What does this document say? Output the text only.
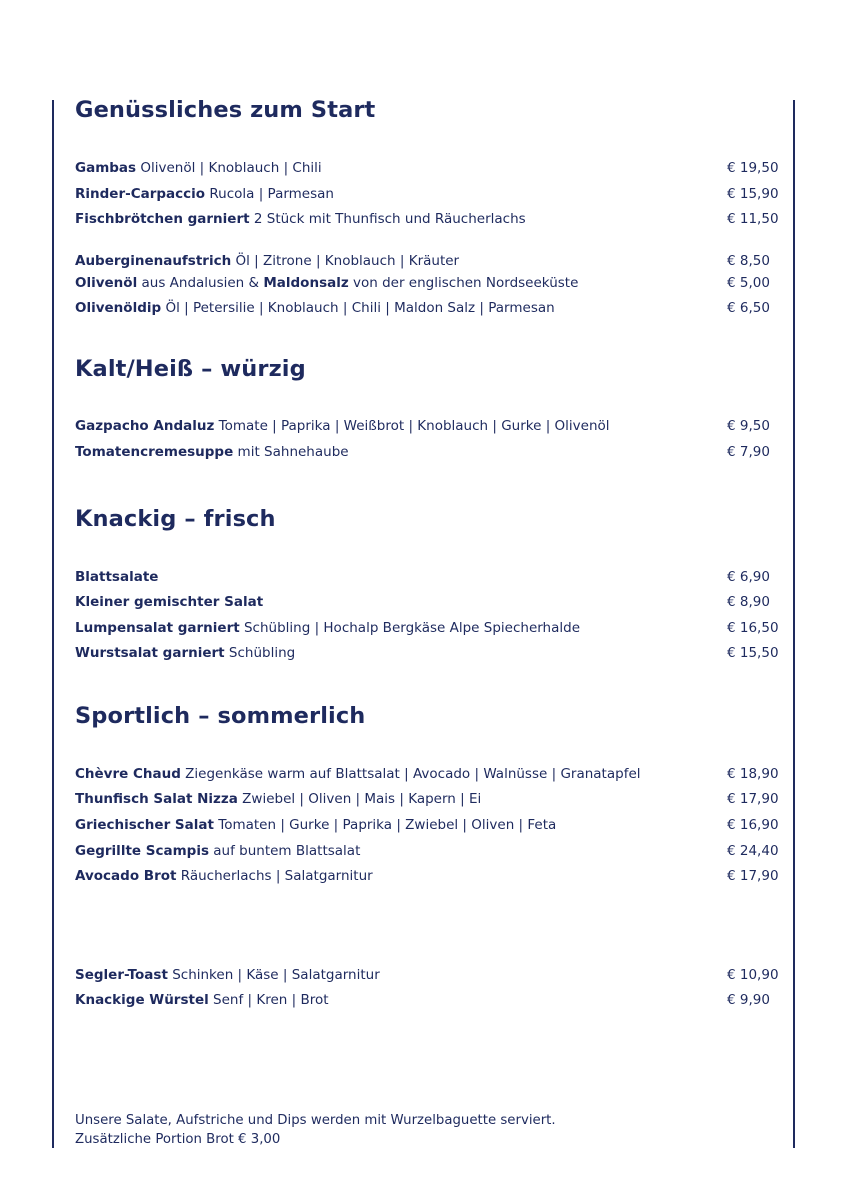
Genüssliches zum Start
Gambas Olivenöl | Knoblauch | Chili	€ 19,50
Rinder-Carpaccio Rucola | Parmesan	€ 15,90
Fischbrötchen garniert 2 Stück mit Thunfisch und Räucherlachs	€ 11,50
Auberginenaufstrich Öl | Zitrone | Knoblauch | Kräuter	€ 8,50
Olivenöl aus Andalusien & Maldonsalz von der englischen Nordseeküste	€ 5,00
Olivenöldip Öl | Petersilie | Knoblauch | Chili | Maldon Salz | Parmesan	€ 6,50
Kalt/Heiß – würzig
Gazpacho Andaluz Tomate | Paprika | Weißbrot | Knoblauch | Gurke | Olivenöl	€ 9,50
Tomatencremesuppe mit Sahnehaube	€ 7,90
Knackig – frisch
Blattsalate	€ 6,90
Kleiner gemischter Salat	€ 8,90
Lumpensalat garniert Schübling | Hochalp Bergkäse Alpe Spiecherhalde	€ 16,50
Wurstsalat garniert Schübling	€ 15,50
Sportlich – sommerlich
Chèvre Chaud Ziegenkäse warm auf Blattsalat | Avocado | Walnüsse | Granatapfel	€ 18,90
Thunfisch Salat Nizza Zwiebel | Oliven | Mais | Kapern | Ei	€ 17,90
Griechischer Salat Tomaten | Gurke | Paprika | Zwiebel | Oliven | Feta	€ 16,90
Gegrillte Scampis auf buntem Blattsalat	€ 24,40
Avocado Brot Räucherlachs | Salatgarnitur	€ 17,90
Segler-Toast Schinken | Käse | Salatgarnitur	€ 10,90
Knackige Würstel Senf | Kren | Brot	€ 9,90
Unsere Salate, Aufstriche und Dips werden mit Wurzelbaguette serviert.
Zusätzliche Portion Brot € 3,00
